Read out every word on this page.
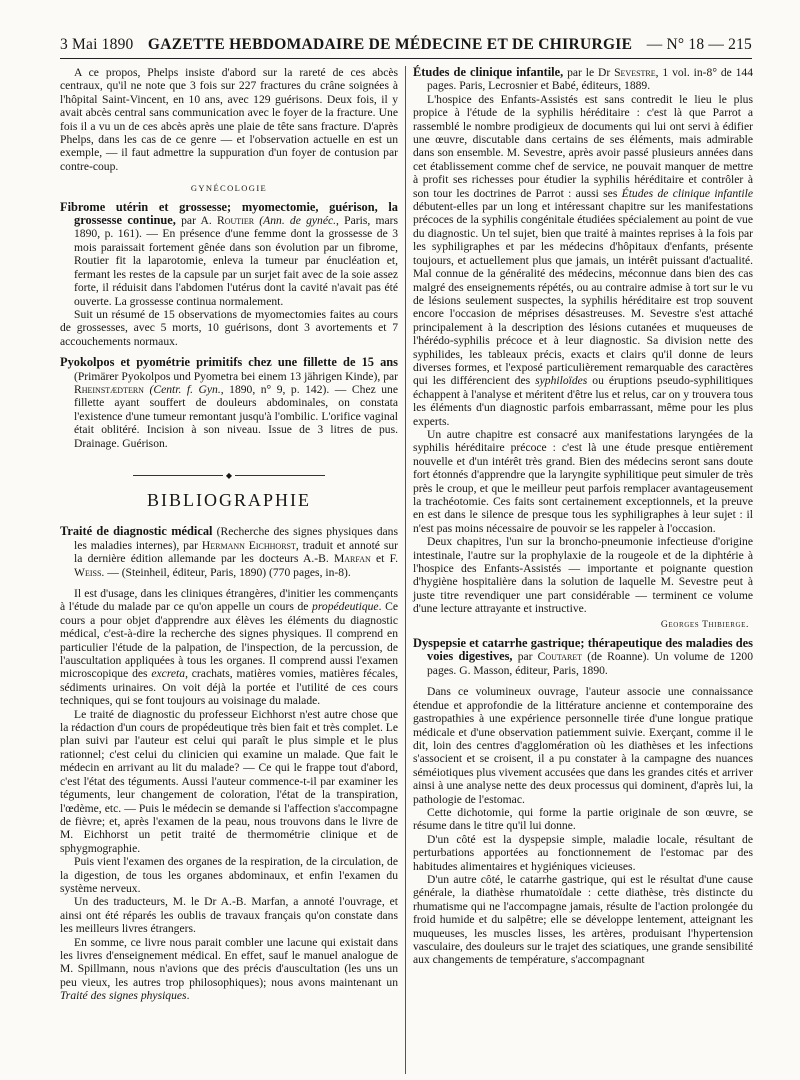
3 Mai 1890 GAZETTE HEBDOMADAIRE DE MÉDECINE ET DE CHIRURGIE — N° 18 — 215

A ce propos, Phelps insiste d'abord sur la rareté de ces abcès centraux, qu'il ne note que 3 fois sur 227 fractures du crâne soignées à l'hôpital Saint-Vincent, en 10 ans, avec 129 guérisons. Deux fois, il y avait abcès central sans communication avec le foyer de la fracture. Une fois il a vu un de ces abcès après une plaie de tête sans fracture. D'après Phelps, dans les cas de ce genre — et l'observation actuelle en est un exemple, — il faut admettre la suppuration d'un foyer de contusion par contre-coup.

GYNÉCOLOGIE

Fibrome utérin et grossesse; myomectomie, guérison, la grossesse continue, par A. Routier (Ann. de gynéc., Paris, mars 1890, p. 161). — En présence d'une femme dont la grossesse de 3 mois paraissait fortement gênée dans son évolution par un fibrome, Routier fit la laparotomie, enleva la tumeur par énucléation et, fermant les restes de la capsule par un surjet fait avec de la soie assez forte, il réduisit dans l'abdomen l'utérus dont la cavité n'avait pas été ouverte. La grossesse continua normalement.

Suit un résumé de 15 observations de myomectomies faites au cours de grossesses, avec 5 morts, 10 guérisons, dont 3 avortements et 7 accouchements normaux.

Pyokolpos et pyométrie primitifs chez une fillette de 15 ans (Primärer Pyokolpos und Pyometra bei einem 13 jährigen Kinde), par Rheinstædtern (Centr. f. Gyn., 1890, n° 9, p. 142). — Chez une fillette ayant souffert de douleurs abdominales, on constata l'existence d'une tumeur remontant jusqu'à l'ombilic. L'orifice vaginal était oblitéré. Incision à son niveau. Issue de 3 litres de pus. Drainage. Guérison.

◆
BIBLIOGRAPHIE

Traité de diagnostic médical (Recherche des signes physiques dans les maladies internes), par Hermann Eichhorst, traduit et annoté sur la dernière édition allemande par les docteurs A.-B. Marfan et F. Weiss. — (Steinheil, éditeur, Paris, 1890) (770 pages, in-8).

Il est d'usage, dans les cliniques étrangères, d'initier les commençants à l'étude du malade par ce qu'on appelle un cours de propédeutique. Ce cours a pour objet d'apprendre aux élèves les éléments du diagnostic médical, c'est-à-dire la recherche des signes physiques. Il comprend en particulier l'étude de la palpation, de l'inspection, de la percussion, de l'auscultation appliquées à tous les organes. Il comprend aussi l'examen microscopique des excreta, crachats, matières vomies, matières fécales, sédiments urinaires. On voit déjà la portée et l'utilité de ces cours techniques, qui se font toujours au voisinage du malade.

Le traité de diagnostic du professeur Eichhorst n'est autre chose que la rédaction d'un cours de propédeutique très bien fait et très complet. Le plan suivi par l'auteur est celui qui paraît le plus simple et le plus rationnel; c'est celui du clinicien qui examine un malade. Que fait le médecin en arrivant au lit du malade? — Ce qui le frappe tout d'abord, c'est l'état des téguments. Aussi l'auteur commence-t-il par examiner les téguments, leur changement de coloration, l'état de la transpiration, l'œdème, etc. — Puis le médecin se demande si l'affection s'accompagne de fièvre; et, après l'examen de la peau, nous trouvons dans le livre de M. Eichhorst un petit traité de thermométrie clinique et de sphygmographie.

Puis vient l'examen des organes de la respiration, de la circulation, de la digestion, de tous les organes abdominaux, et enfin l'examen du système nerveux.

Un des traducteurs, M. le Dr A.-B. Marfan, a annoté l'ouvrage, et ainsi ont été réparés les oublis de travaux français qu'on constate dans les meilleurs livres étrangers.

En somme, ce livre nous parait combler une lacune qui existait dans les livres d'enseignement médical. En effet, sauf le manuel analogue de M. Spillmann, nous n'avions que des précis d'auscultation (les uns un peu vieux, les autres trop philosophiques); nous avons maintenant un Traité des signes physiques.

Études de clinique infantile, par le Dr Sevestre, 1 vol. in-8° de 144 pages. Paris, Lecrosnier et Babé, éditeurs, 1889.

L'hospice des Enfants-Assistés est sans contredit le lieu le plus propice à l'étude de la syphilis héréditaire : c'est là que Parrot a rassemblé le nombre prodigieux de documents qui lui ont servi à édifier une œuvre, discutable dans certains de ses éléments, mais admirable dans son ensemble. M. Sevestre, après avoir passé plusieurs années dans cet établissement comme chef de service, ne pouvait manquer de mettre à profit ses richesses pour étudier la syphilis héréditaire et contrôler à son tour les doctrines de Parrot : aussi ses Études de clinique infantile débutent-elles par un long et intéressant chapitre sur les manifestations précoces de la syphilis congénitale étudiées spécialement au point de vue du diagnostic. Un tel sujet, bien que traité à maintes reprises à la fois par les syphiligraphes et par les médecins d'hôpitaux d'enfants, présente toujours, et actuellement plus que jamais, un intérêt puissant d'actualité. Mal connue de la généralité des médecins, méconnue dans bien des cas malgré des enseignements répétés, ou au contraire admise à tort sur le vu de lésions seulement suspectes, la syphilis héréditaire est trop souvent encore l'occasion de méprises désastreuses. M. Sevestre s'est attaché principalement à la description des lésions cutanées et muqueuses de l'hérédo-syphilis précoce et à leur diagnostic. Sa division nette des syphilides, les tableaux précis, exacts et clairs qu'il donne de leurs diverses formes, et l'exposé particulièrement remarquable des caractères qui les différencient des syphiloïdes ou éruptions pseudo-syphilitiques échappent à l'analyse et méritent d'être lus et relus, car on y trouvera tous les éléments d'un diagnostic parfois embarrassant, même pour les plus experts.

Un autre chapitre est consacré aux manifestations laryngées de la syphilis héréditaire précoce : c'est là une étude presque entièrement nouvelle et d'un intérêt très grand. Bien des médecins seront sans doute fort étonnés d'apprendre que la laryngite syphilitique peut simuler de très près le croup, et que le meilleur peut parfois remplacer avantageusement la trachéotomie. Ces faits sont certainement exceptionnels, et la preuve en est dans le silence de presque tous les syphiligraphes à leur sujet : il n'est pas moins nécessaire de pouvoir se les rappeler à l'occasion.

Deux chapitres, l'un sur la broncho-pneumonie infectieuse d'origine intestinale, l'autre sur la prophylaxie de la rougeole et de la diphtérie à l'hospice des Enfants-Assistés — importante et poignante question d'hygiène hospitalière dans la solution de laquelle M. Sevestre peut à juste titre revendiquer une part considérable — terminent ce volume d'une lecture attrayante et instructive.

Georges Thibierge.

Dyspepsie et catarrhe gastrique; thérapeutique des maladies des voies digestives, par Coutaret (de Roanne). Un volume de 1200 pages. G. Masson, éditeur, Paris, 1890.

Dans ce volumineux ouvrage, l'auteur associe une connaissance étendue et approfondie de la littérature ancienne et contemporaine des gastropathies à une expérience personnelle tirée d'une longue pratique médicale et d'une observation patiemment suivie. Exerçant, comme il le dit, loin des centres d'agglomération où les diathèses et les infections s'associent et se croisent, il a pu constater à la campagne des nuances séméiotiques plus vivement accusées que dans les grandes cités et arriver ainsi à une analyse nette des deux processus qui dominent, d'après lui, la pathologie de l'estomac.

Cette dichotomie, qui forme la partie originale de son œuvre, se résume dans le titre qu'il lui donne.

D'un côté est la dyspepsie simple, maladie locale, résultant de perturbations apportées au fonctionnement de l'estomac par des habitudes alimentaires et hygiéniques vicieuses.

D'un autre côté, le catarrhe gastrique, qui est le résultat d'une cause générale, la diathèse rhumatoïdale : cette diathèse, très distincte du rhumatisme qui ne l'accompagne jamais, résulte de l'action prolongée du froid humide et du salpêtre; elle se développe lentement, atteignant les muqueuses, les muscles lisses, les artères, produisant l'hypertension vasculaire, des douleurs sur le trajet des sciatiques, une grande sensibilité aux changements de température, s'accompagnant
